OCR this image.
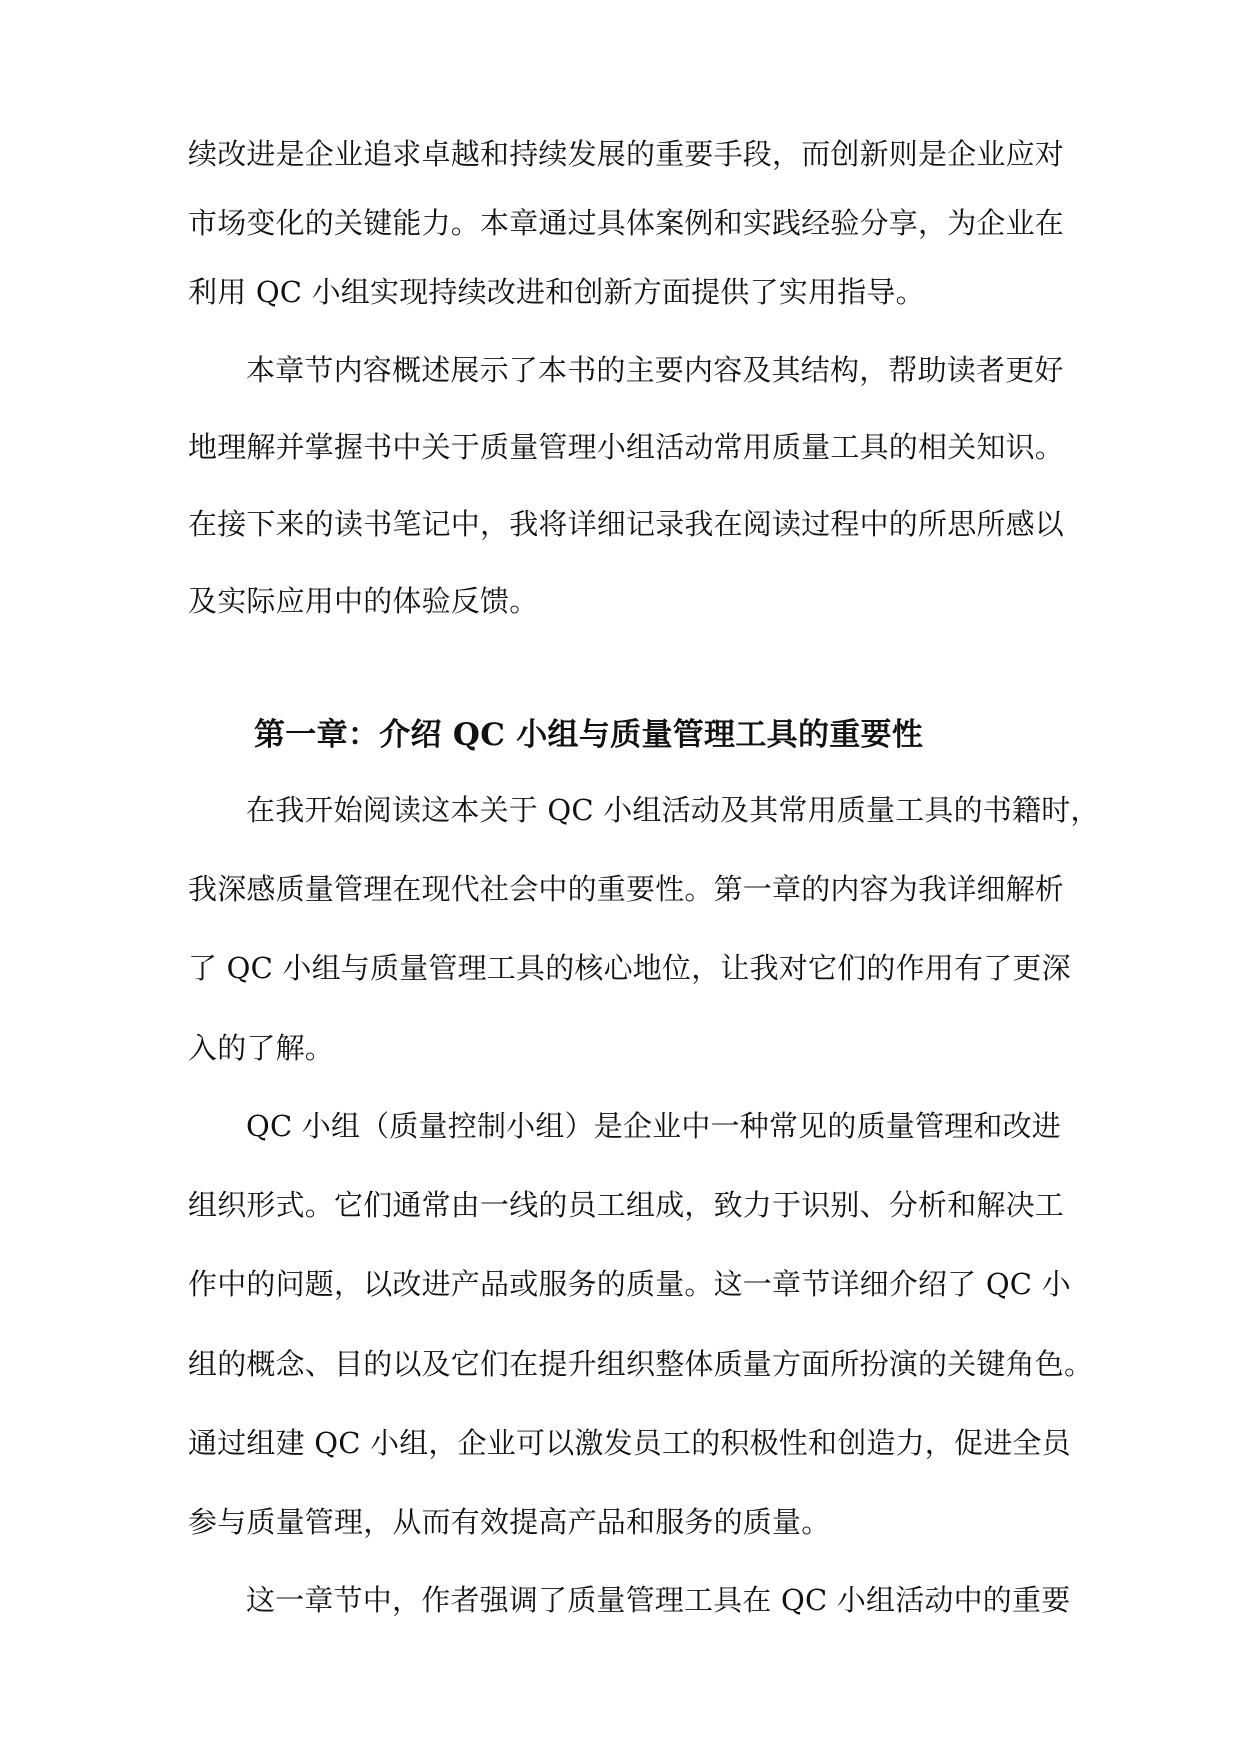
续改进是企业追求卓越和持续发展的重要手段，而创新则是企业应对
市场变化的关键能力。本章通过具体案例和实践经验分享，为企业在
利用 QC 小组实现持续改进和创新方面提供了实用指导。
本章节内容概述展示了本书的主要内容及其结构，帮助读者更好
地理解并掌握书中关于质量管理小组活动常用质量工具的相关知识。
在接下来的读书笔记中，我将详细记录我在阅读过程中的所思所感以
及实际应用中的体验反馈。
第一章：介绍 QC 小组与质量管理工具的重要性
在我开始阅读这本关于 QC 小组活动及其常用质量工具的书籍时，
我深感质量管理在现代社会中的重要性。第一章的内容为我详细解析
了 QC 小组与质量管理工具的核心地位，让我对它们的作用有了更深
入的了解。
QC 小组（质量控制小组）是企业中一种常见的质量管理和改进
组织形式。它们通常由一线的员工组成，致力于识别、分析和解决工
作中的问题，以改进产品或服务的质量。这一章节详细介绍了 QC 小
组的概念、目的以及它们在提升组织整体质量方面所扮演的关键角色。
通过组建 QC 小组，企业可以激发员工的积极性和创造力，促进全员
参与质量管理，从而有效提高产品和服务的质量。
这一章节中，作者强调了质量管理工具在 QC 小组活动中的重要
